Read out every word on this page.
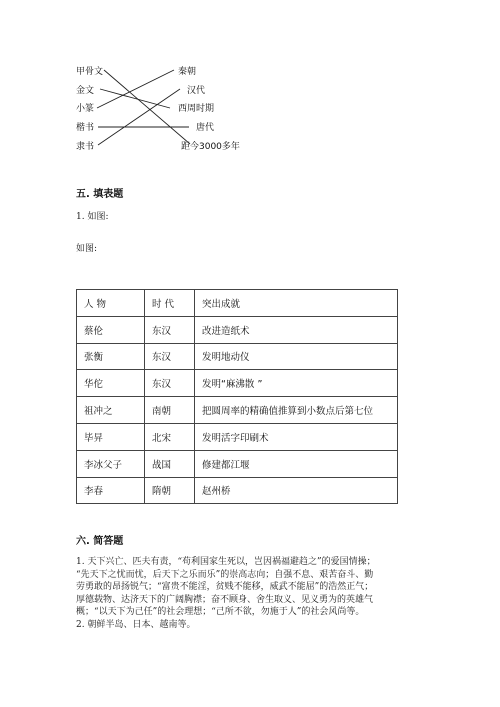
甲骨文
金文
小篆
楷书
隶书
秦朝
汉代
西周时期
唐代
距今3000多年
五. 填表题
1. 如图:
如图:
人 物	时 代	突出成就
蔡伦	东汉	改进造纸术
张衡	东汉	发明地动仪
华佗	东汉	发明“麻沸散 ”
祖冲之	南朝	把圆周率的精确值推算到小数点后第七位
毕昇	北宋	发明活字印刷术
李冰父子	战国	修建都江堰
李春	隋朝	赵州桥
六. 简答题

1. 天下兴亡、匹夫有责，“苟利国家生死以，岂因祸福避趋之”的爱国情操；

“先天下之忧而忧，后天下之乐而乐”的崇高志向；自强不息、艰苦奋斗、勤

劳勇敢的昂扬锐气；“富贵不能淫，贫贱不能移，威武不能屈”的浩然正气；

厚德载物、达济天下的广阔胸襟；奋不顾身、舍生取义、见义勇为的英雄气

概；“以天下为己任”的社会理想；“己所不欲，勿施于人”的社会风尚等。

2. 朝鲜半岛、日本、越南等。
